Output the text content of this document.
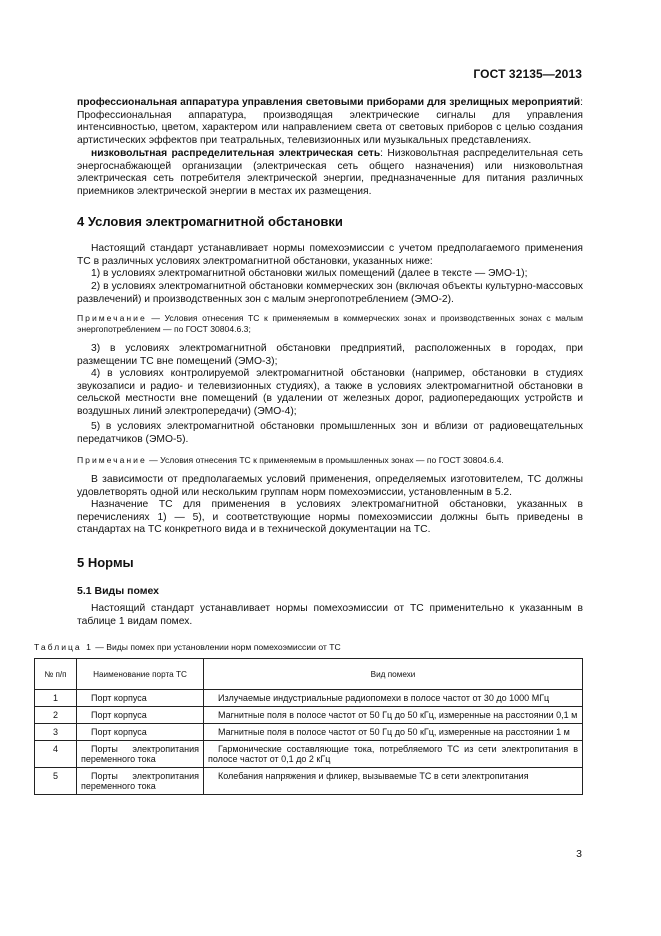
ГОСТ 32135—2013

профессиональная аппаратура управления световыми приборами для зрелищных мероприятий: Профессиональная аппаратура, производящая электрические сигналы для управления интенсивностью, цветом, характером или направлением света от световых приборов с целью создания артистических эффектов при театральных, телевизионных или музыкальных представлениях.

низковольтная распределительная электрическая сеть: Низковольтная распределительная сеть энергоснабжающей организации (электрическая сеть общего назначения) или низковольтная электрическая сеть потребителя электрической энергии, предназначенные для питания различных приемников электрической энергии в местах их размещения.

4 Условия электромагнитной обстановки

Настоящий стандарт устанавливает нормы помехоэмиссии с учетом предполагаемого применения ТС в различных условиях электромагнитной обстановки, указанных ниже:

1) в условиях электромагнитной обстановки жилых помещений (далее в тексте — ЭМО-1);

2) в условиях электромагнитной обстановки коммерческих зон (включая объекты культурно-массовых развлечений) и производственных зон с малым энергопотреблением (ЭМО-2).

Примечание — Условия отнесения ТС к применяемым в коммерческих зонах и производственных зонах с малым энергопотреблением — по ГОСТ 30804.6.3;

3) в условиях электромагнитной обстановки предприятий, расположенных в городах, при размещении ТС вне помещений (ЭМО-3);

4) в условиях контролируемой электромагнитной обстановки (например, обстановки в студиях звукозаписи и радио- и телевизионных студиях), а также в условиях электромагнитной обстановки в сельской местности вне помещений (в удалении от железных дорог, радиопередающих устройств и воздушных линий электропередачи) (ЭМО-4);

5) в условиях электромагнитной обстановки промышленных зон и вблизи от радиовещательных передатчиков (ЭМО-5).

Примечание — Условия отнесения ТС к применяемым в промышленных зонах — по ГОСТ 30804.6.4.

В зависимости от предполагаемых условий применения, определяемых изготовителем, ТС должны удовлетворять одной или нескольким группам норм помехоэмиссии, установленным в 5.2.

Назначение ТС для применения в условиях электромагнитной обстановки, указанных в перечислениях 1) — 5), и соответствующие нормы помехоэмиссии должны быть приведены в стандартах на ТС конкретного вида и в технической документации на ТС.

5 Нормы
5.1 Виды помех

Настоящий стандарт устанавливает нормы помехоэмиссии от ТС применительно к указанным в таблице 1 видам помех.

Таблица 1 — Виды помех при установлении норм помехоэмиссии от ТС

№ п/п	Наименование порта ТС	Вид помехи
1	Порт корпуса	Излучаемые индустриальные радиопомехи в полосе частот от 30 до 1000 МГц

2	Порт корпуса	Магнитные поля в полосе частот от 50 Гц до 50 кГц, измеренные на расстоянии 0,1 м

3	Порт корпуса	Магнитные поля в полосе частот от 50 Гц до 50 кГц, измеренные на расстоянии 1 м

4	Порты электропитания переменного тока	Гармонические составляющие тока, потребляемого ТС из сети электропитания в полосе частот от 0,1 до 2 кГц

5	Порты электропитания переменного тока	Колебания напряжения и фликер, вызываемые ТС в сети электропитания
3
